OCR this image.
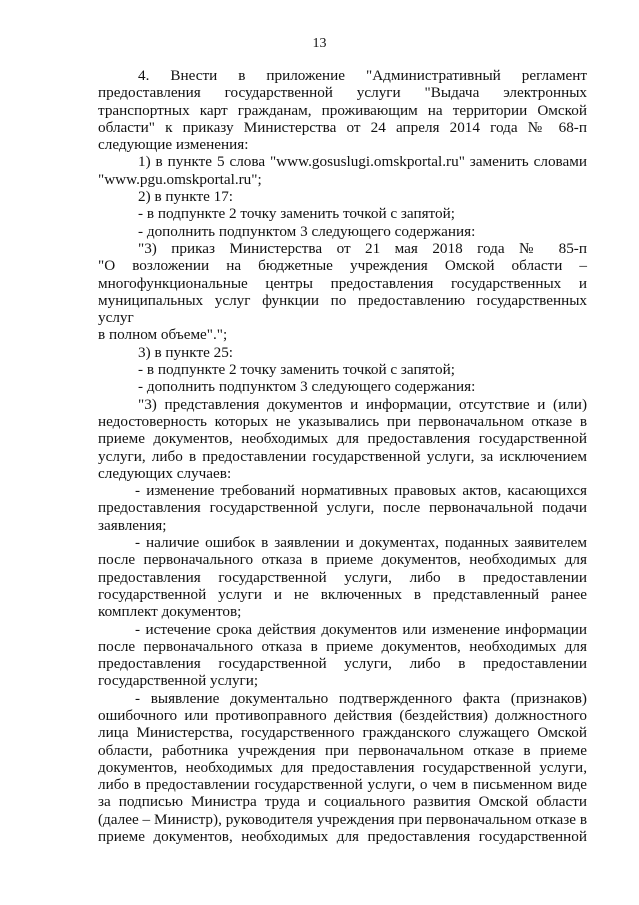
13

4. Внести в приложение "Административный регламент

предоставления государственной услуги "Выдача электронных

транспортных карт гражданам, проживающим на территории Омской

области" к приказу Министерства от 24 апреля 2014 года № 68-п

следующие изменения:

1) в пункте 5 слова "www.gosuslugi.omskportal.ru" заменить словами

"www.pgu.omskportal.ru";

2) в пункте 17:

- в подпункте 2 точку заменить точкой с запятой;

- дополнить подпунктом 3 следующего содержания:

"3) приказ Министерства от 21 мая 2018 года № 85-п

"О возложении на бюджетные учреждения Омской области –

многофункциональные центры предоставления государственных и

муниципальных услуг функции по предоставлению государственных услуг

в полном объеме".";

3) в пункте 25:

- в подпункте 2 точку заменить точкой с запятой;

- дополнить подпунктом 3 следующего содержания:

"3) представления документов и информации, отсутствие и (или)

недостоверность которых не указывались при первоначальном отказе в

приеме документов, необходимых для предоставления государственной

услуги, либо в предоставлении государственной услуги, за исключением

следующих случаев:

- изменение требований нормативных правовых актов, касающихся

предоставления государственной услуги, после первоначальной подачи

заявления;

- наличие ошибок в заявлении и документах, поданных заявителем

после первоначального отказа в приеме документов, необходимых для

предоставления государственной услуги, либо в предоставлении

государственной услуги и не включенных в представленный ранее

комплект документов;

- истечение срока действия документов или изменение информации

после первоначального отказа в приеме документов, необходимых для

предоставления государственной услуги, либо в предоставлении

государственной услуги;

- выявление документально подтвержденного факта (признаков)

ошибочного или противоправного действия (бездействия) должностного

лица Министерства, государственного гражданского служащего Омской

области, работника учреждения при первоначальном отказе в приеме

документов, необходимых для предоставления государственной услуги,

либо в предоставлении государственной услуги, о чем в письменном виде

за подписью Министра труда и социального развития Омской области

(далее – Министр), руководителя учреждения при первоначальном отказе в

приеме документов, необходимых для предоставления государственной
